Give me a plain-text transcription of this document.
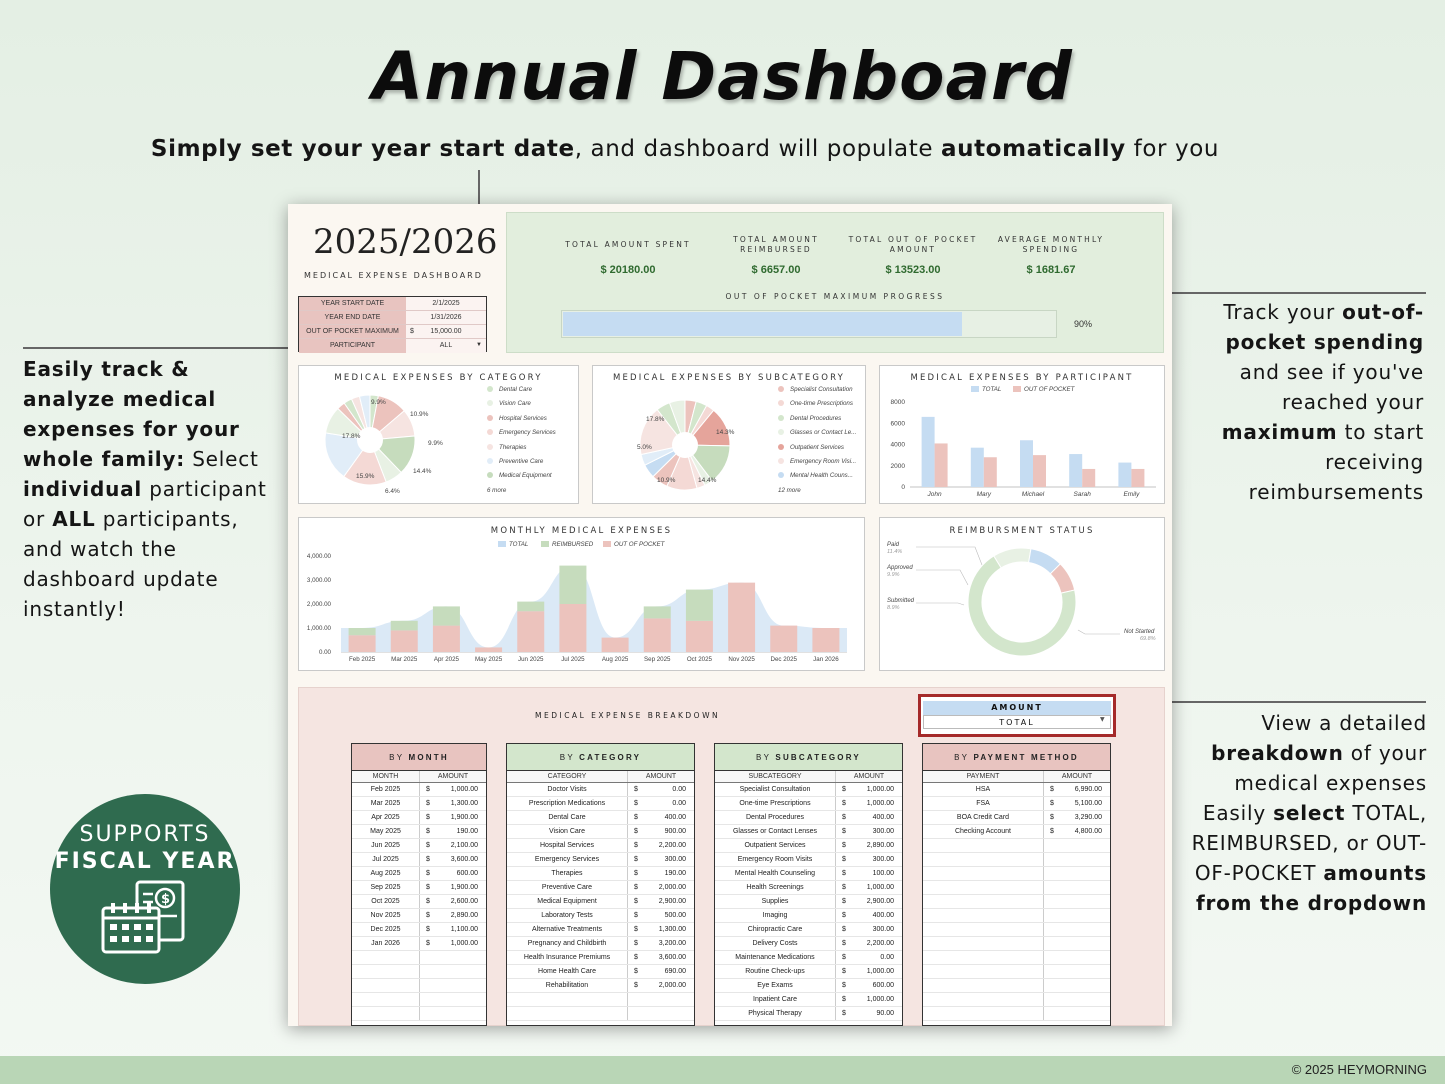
Annual Dashboard
Simply set your year start date, and dashboard will populate automatically for you
Easily track & analyze medical expenses for your whole family: Select individual participant or ALL participants, and watch the dashboard update instantly!
Track your out-of-pocket spending and see if you've reached your maximum to start receiving reimbursements
View a detailed breakdown of your medical expenses Easily select TOTAL, REIMBURSED, or OUT-OF-POCKET amounts from the dropdown
2025/2026
MEDICAL EXPENSE DASHBOARD
YEAR START DATE	2/1/2025
YEAR END DATE	1/31/2026
OUT OF POCKET MAXIMUM	$ 15,000.00
PARTICIPANT	ALL	▼
TOTAL AMOUNT SPENT
$ 20180.00
TOTAL AMOUNT REIMBURSED
$ 6657.00
TOTAL OUT OF POCKET AMOUNT
$ 13523.00
AVERAGE MONTHLY SPENDING
$ 1681.67
OUT OF POCKET MAXIMUM PROGRESS
90%
MEDICAL EXPENSES BY CATEGORY
10.9%
9.9%
14.4%
6.4%
15.9%
17.8%
9.9%
Dental Care
Vision Care
Hospital Services
Emergency Services
Therapies
Preventive Care
Medical Equipment
6 more
MEDICAL EXPENSES BY SUBCATEGORY
14.3%
14.4%
10.9%
5.0%
17.8%
Specialist Consultation
One-time Prescriptions
Dental Procedures
Glasses or Contact Le...
Outpatient Services
Emergency Room Visi...
Mental Health Couns...
12 more
MEDICAL EXPENSES BY PARTICIPANT
TOTAL	OUT OF POCKET
8000
6000
4000
2000
0
John	Mary	Michael	Sarah	Emily
MONTHLY MEDICAL EXPENSES
TOTAL	REIMBURSED	OUT OF POCKET
4,000.00
3,000.00
2,000.00
1,000.00
0.00
Feb 2025	Mar 2025	Apr 2025	May 2025	Jun 2025	Jul 2025	Aug 2025	Sep 2025	Oct 2025	Nov 2025	Dec 2025	Jan 2026
REIMBURSMENT STATUS
Paid
11.4%
Approved
9.9%
Submitted
8.9%
Not Started
69.8%
MEDICAL EXPENSE BREAKDOWN
AMOUNT
TOTAL	▼
BY MONTH
MONTH	AMOUNT
Feb 2025	$	1,000.00
Mar 2025	$	1,300.00
Apr 2025	$	1,900.00
May 2025	$	190.00
Jun 2025	$	2,100.00
Jul 2025	$	3,600.00
Aug 2025	$	600.00
Sep 2025	$	1,900.00
Oct 2025	$	2,600.00
Nov 2025	$	2,890.00
Dec 2025	$	1,100.00
Jan 2026	$	1,000.00
BY CATEGORY
CATEGORY	AMOUNT
Doctor Visits	$	0.00
Prescription Medications	$	0.00
Dental Care	$	400.00
Vision Care	$	900.00
Hospital Services	$	2,200.00
Emergency Services	$	300.00
Therapies	$	190.00
Preventive Care	$	2,000.00
Medical Equipment	$	2,900.00
Laboratory Tests	$	500.00
Alternative Treatments	$	1,300.00
Pregnancy and Childbirth	$	3,200.00
Health Insurance Premiums	$	3,600.00
Home Health Care	$	690.00
Rehabilitation	$	2,000.00
BY SUBCATEGORY
SUBCATEGORY	AMOUNT
Specialist Consultation	$	1,000.00
One-time Prescriptions	$	1,000.00
Dental Procedures	$	400.00
Glasses or Contact Lenses	$	300.00
Outpatient Services	$	2,890.00
Emergency Room Visits	$	300.00
Mental Health Counseling	$	100.00
Health Screenings	$	1,000.00
Supplies	$	2,900.00
Imaging	$	400.00
Chiropractic Care	$	300.00
Delivery Costs	$	2,200.00
Maintenance Medications	$	0.00
Routine Check-ups	$	1,000.00
Eye Exams	$	600.00
Inpatient Care	$	1,000.00
Physical Therapy	$	90.00
BY PAYMENT METHOD
PAYMENT	AMOUNT
HSA	$	6,990.00
FSA	$	5,100.00
BOA Credit Card	$	3,290.00
Checking Account	$	4,800.00
SUPPORTS
FISCAL YEAR
$
© 2025 HEYMORNING
